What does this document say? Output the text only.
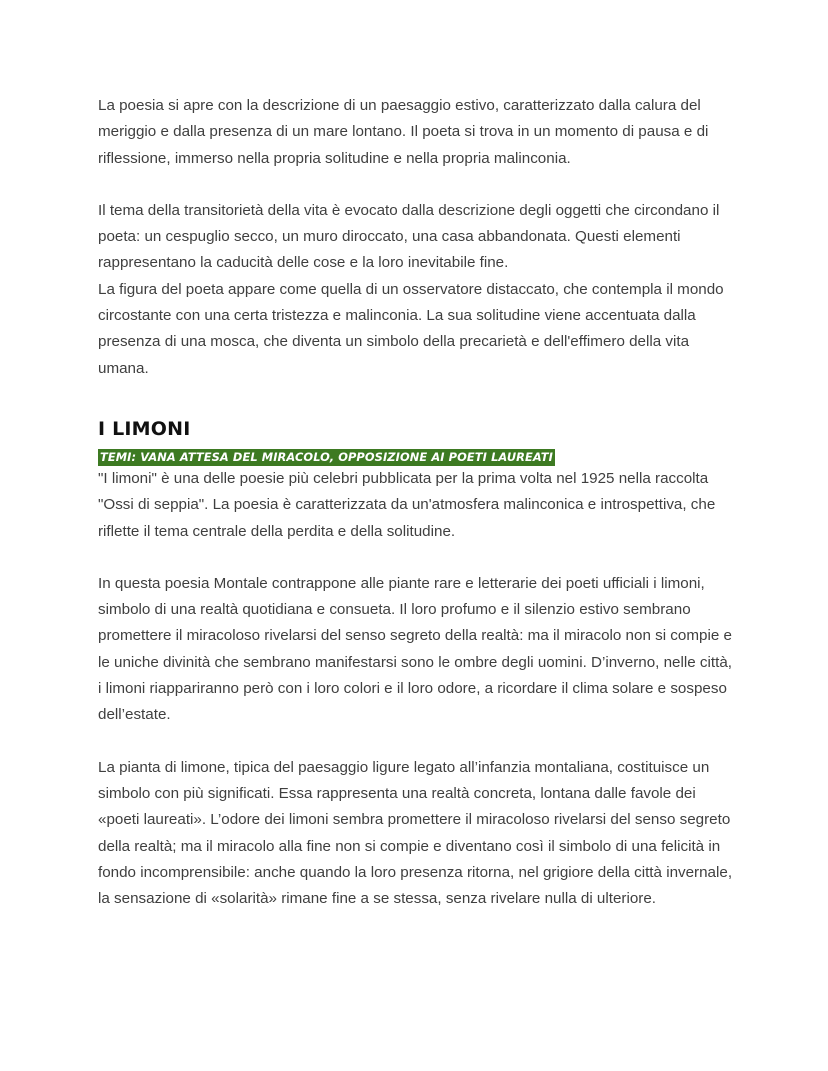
La poesia si apre con la descrizione di un paesaggio estivo, caratterizzato dalla calura del meriggio e dalla presenza di un mare lontano. Il poeta si trova in un momento di pausa e di riflessione, immerso nella propria solitudine e nella propria malinconia.

Il tema della transitorietà della vita è evocato dalla descrizione degli oggetti che circondano il poeta: un cespuglio secco, un muro diroccato, una casa abbandonata. Questi elementi rappresentano la caducità delle cose e la loro inevitabile fine.

La figura del poeta appare come quella di un osservatore distaccato, che contempla il mondo circostante con una certa tristezza e malinconia. La sua solitudine viene accentuata dalla presenza di una mosca, che diventa un simbolo della precarietà e dell'effimero della vita umana.

I LIMONI
TEMI: VANA ATTESA DEL MIRACOLO, OPPOSIZIONE AI POETI LAUREATI

"I limoni" è una delle poesie più celebri pubblicata per la prima volta nel 1925 nella raccolta "Ossi di seppia". La poesia è caratterizzata da un'atmosfera malinconica e introspettiva, che riflette il tema centrale della perdita e della solitudine.

In questa poesia Montale contrappone alle piante rare e letterarie dei poeti ufficiali i limoni, simbolo di una realtà quotidiana e consueta. Il loro profumo e il silenzio estivo sembrano promettere il miracoloso rivelarsi del senso segreto della realtà: ma il miracolo non si compie e le uniche divinità che sembrano manifestarsi sono le ombre degli uomini. D’inverno, nelle città, i limoni riappariranno però con i loro colori e il loro odore, a ricordare il clima solare e sospeso dell’estate.

La pianta di limone, tipica del paesaggio ligure legato all’infanzia montaliana, costituisce un simbolo con più significati. Essa rappresenta una realtà concreta, lontana dalle favole dei «poeti laureati». L’odore dei limoni sembra promettere il miracoloso rivelarsi del senso segreto della realtà; ma il miracolo alla fine non si compie e diventano così il simbolo di una felicità in fondo incomprensibile: anche quando la loro presenza ritorna, nel grigiore della città invernale, la sensazione di «solarità» rimane fine a se stessa, senza rivelare nulla di ulteriore.
